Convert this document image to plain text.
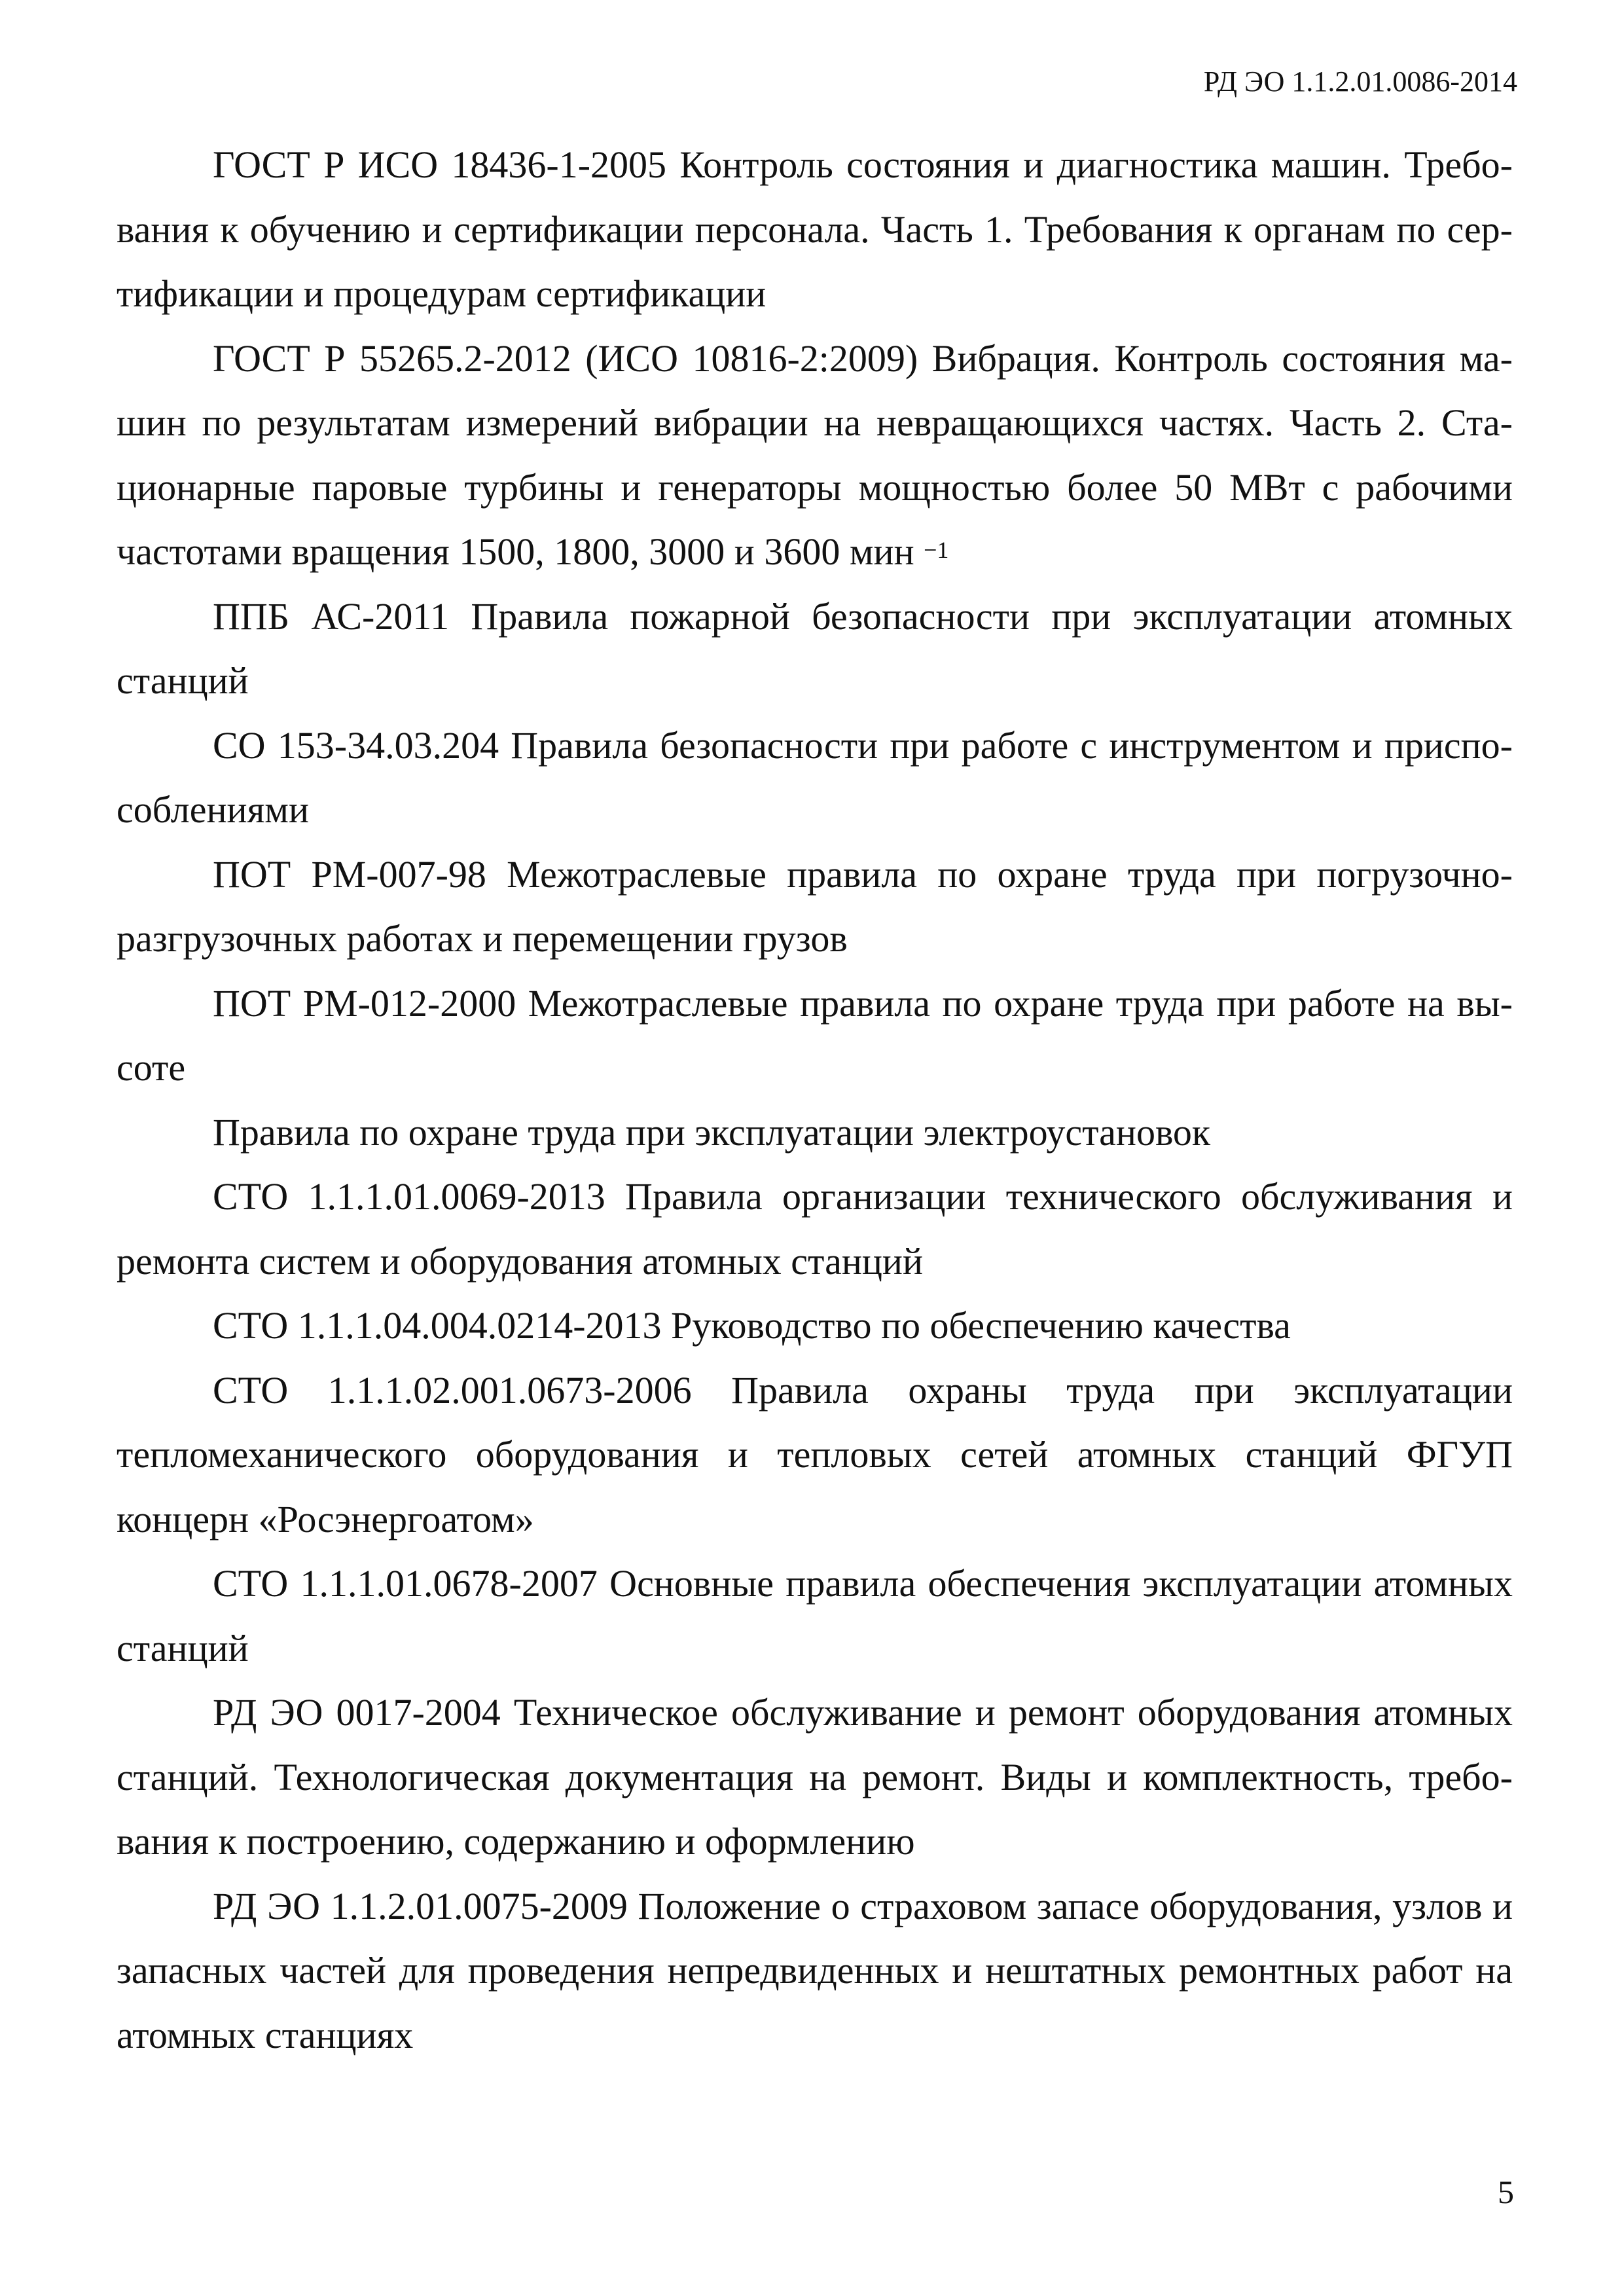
РД ЭО 1.1.2.01.0086-2014

ГОСТ Р ИСО 18436-1-2005 Контроль состояния и диагностика машин. Требования к обучению и сертификации персонала. Часть 1. Требования к органам по сертификации и процедурам сертификации

ГОСТ Р 55265.2-2012 (ИСО 10816-2:2009) Вибрация. Контроль состояния машин по результатам измерений вибрации на невращающихся частях. Часть 2. Стационарные паровые турбины и генераторы мощностью более 50 МВт с рабочими частотами вращения 1500, 1800, 3000 и 3600 мин $^{-1}$

ППБ АС-2011 Правила пожарной безопасности при эксплуатации атомных станций

СО 153-34.03.204 Правила безопасности при работе с инструментом и приспособлениями

ПОТ РМ-007-98 Межотраслевые правила по охране труда при погрузочно-разгрузочных работах и перемещении грузов

ПОТ РМ-012-2000 Межотраслевые правила по охране труда при работе на высоте

Правила по охране труда при эксплуатации электроустановок

СТО 1.1.1.01.0069-2013 Правила организации технического обслуживания и ремонта систем и оборудования атомных станций

СТО 1.1.1.04.004.0214-2013 Руководство по обеспечению качества

СТО 1.1.1.02.001.0673-2006 Правила охраны труда при эксплуатации тепломеханического оборудования и тепловых сетей атомных станций ФГУП концерн «Росэнергоатом»

СТО 1.1.1.01.0678-2007 Основные правила обеспечения эксплуатации атомных станций

РД ЭО 0017-2004 Техническое обслуживание и ремонт оборудования атомных станций. Технологическая документация на ремонт. Виды и комплектность, требования к построению, содержанию и оформлению

РД ЭО 1.1.2.01.0075-2009 Положение о страховом запасе оборудования, узлов и запасных частей для проведения непредвиденных и нештатных ремонтных работ на атомных станциях

5
